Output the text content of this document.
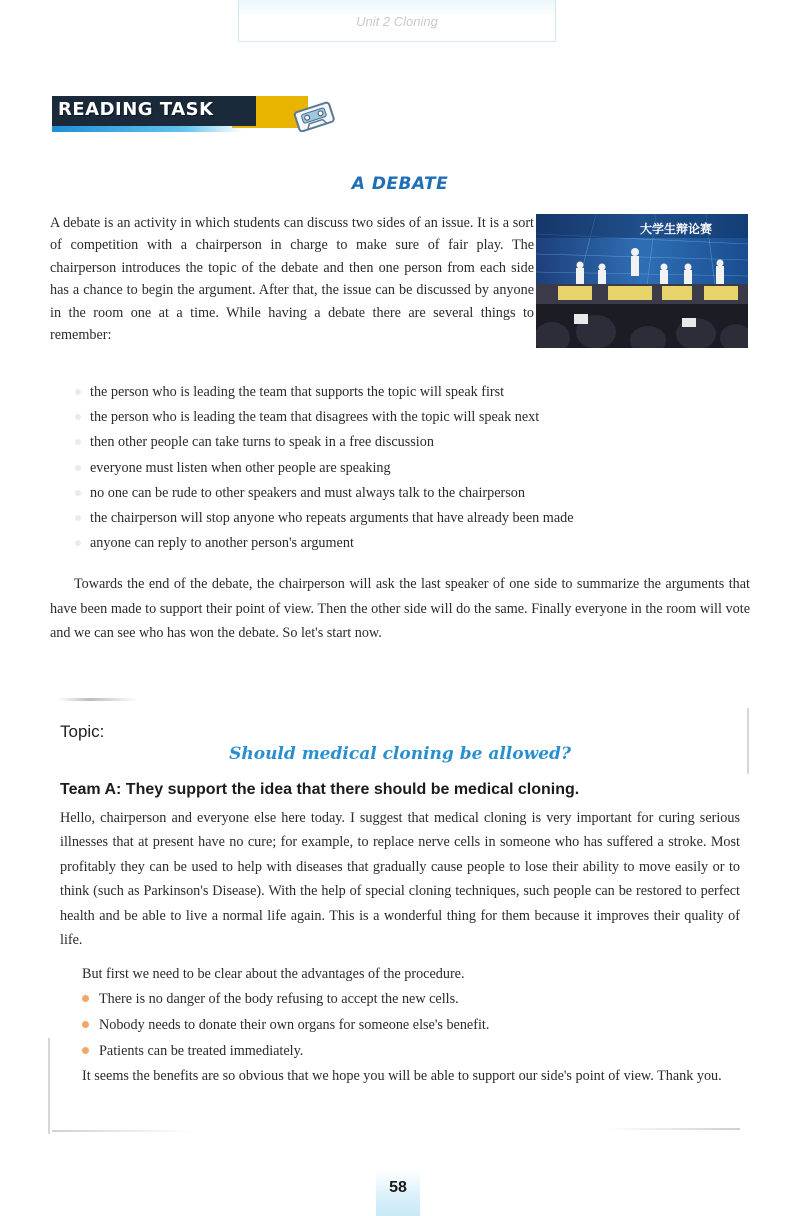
Unit 2 Cloning
READING TASK
A DEBATE

A debate is an activity in which students can discuss two sides of an issue. It is a sort of competition with a chairperson in charge to make sure of fair play. The chairperson introduces the topic of the debate and then one person from each side has a chance to begin the argument. After that, the issue can be discussed by anyone in the room one at a time. While having a debate there are several things to remember:

大学生辩论赛
the person who is leading the team that supports the topic will speak first
the person who is leading the team that disagrees with the topic will speak next
then other people can take turns to speak in a free discussion
everyone must listen when other people are speaking
no one can be rude to other speakers and must always talk to the chairperson
the chairperson will stop anyone who repeats arguments that have already been made
anyone can reply to another person's argument

Towards the end of the debate, the chairperson will ask the last speaker of one side to summarize the arguments that have been made to support their point of view. Then the other side will do the same. Finally everyone in the room will vote and we can see who has won the debate. So let's start now.

Topic:
Should medical cloning be allowed?
Team A: They support the idea that there should be medical cloning.

Hello, chairperson and everyone else here today. I suggest that medical cloning is very important for curing serious illnesses that at present have no cure; for example, to replace nerve cells in someone who has suffered a stroke. Most profitably they can be used to help with diseases that gradually cause people to lose their ability to move easily or to think (such as Parkinson's Disease). With the help of special cloning techniques, such people can be restored to perfect health and be able to live a normal life again. This is a wonderful thing for them because it improves their quality of life.

But first we need to be clear about the advantages of the procedure.
There is no danger of the body refusing to accept the new cells.
Nobody needs to donate their own organs for someone else's benefit.
Patients can be treated immediately.

It seems the benefits are so obvious that we hope you will be able to support our side's point of view. Thank you.

58
